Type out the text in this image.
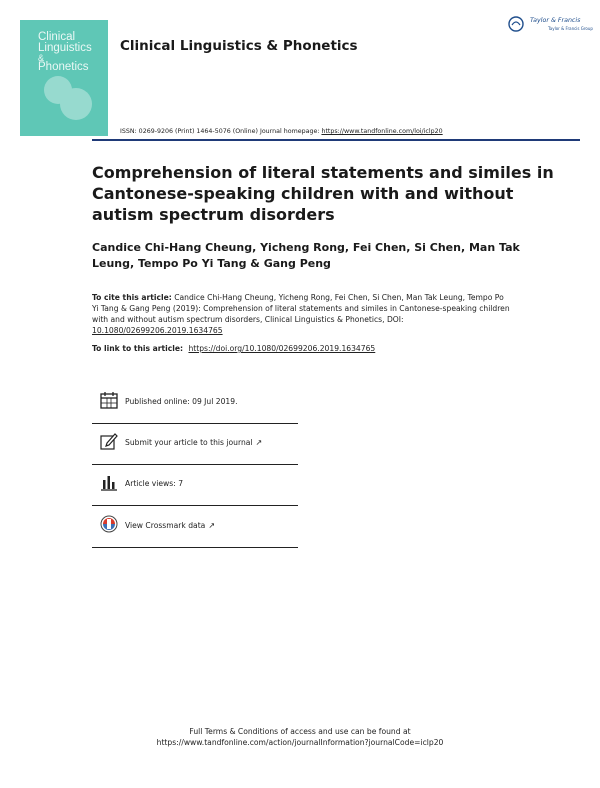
Clinical
Linguistics
&
Phonetics
Clinical Linguistics & Phonetics
ISSN: 0269-9206 (Print) 1464-5076 (Online) Journal homepage: https://www.tandfonline.com/loi/iclp20
Taylor & Francis
Taylor & Francis Group
Comprehension of literal statements and similes in Cantonese-speaking children with and without autism spectrum disorders
Candice Chi-Hang Cheung, Yicheng Rong, Fei Chen, Si Chen, Man Tak Leung, Tempo Po Yi Tang & Gang Peng
To cite this article: Candice Chi-Hang Cheung, Yicheng Rong, Fei Chen, Si Chen, Man Tak Leung, Tempo Po Yi Tang & Gang Peng (2019): Comprehension of literal statements and similes in Cantonese-speaking children with and without autism spectrum disorders, Clinical Linguistics & Phonetics, DOI: 10.1080/02699206.2019.1634765
To link to this article: https://doi.org/10.1080/02699206.2019.1634765
Published online: 09 Jul 2019.
Submit your article to this journal ↗
Article views: 7
View Crossmark data ↗
Full Terms & Conditions of access and use can be found at
https://www.tandfonline.com/action/journalInformation?journalCode=iclp20
